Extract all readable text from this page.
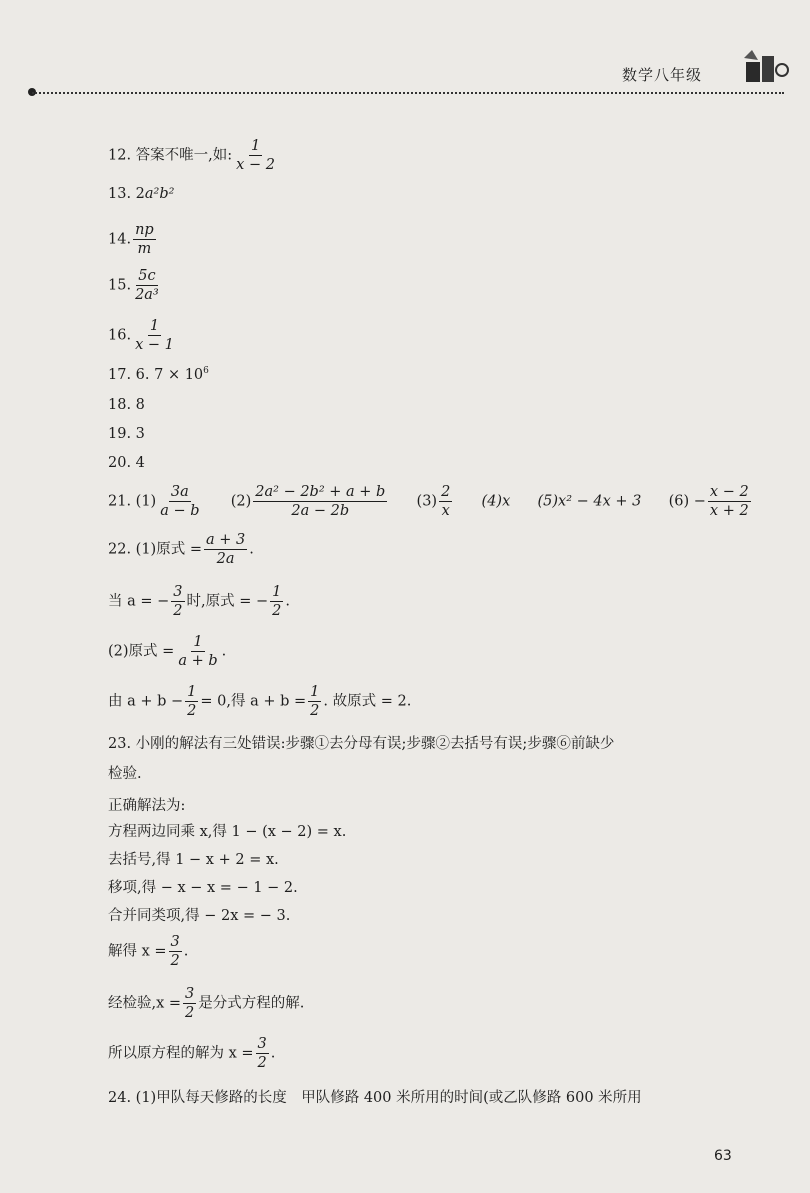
数学八年级
12. 答案不唯一,如: $\frac{1}{x - 2}$
13. 2a²b²
14. $\frac{np}{m}$
15. $\frac{5c}{\text{2a³}}$
16. $\frac{1}{x - 1}$
17. 6. $7 \times 10^6$
18. 8
19. 3
20. 4
21. $(1) \frac{3a}{a - b} (2) \frac{\text{2a² − 2b² + a + b}}{2a - 2b} (3) \frac{2}{x} (4)x$ (5)x² − 4x + 3 $(6) - \frac{x - 2}{x + 2}$
22. (1)原式 = $\frac{a + 3}{2a}$ .
当 a = − $\frac{3}{2}$ 时,原式 = − $\frac{1}{2}$ .
(2)原式 = $\frac{1}{a + b}$ .
由 $a + b - \frac{1}{2} = 0$,得 $a + b = \frac{1}{2}$ . 故原式 = 2.
23. 小刚的解法有三处错误:步骤①去分母有误;步骤②去括号有误;步骤⑥前缺少
检验.
正确解法为:
方程两边同乘 x,得 1 − (x − 2) = x.
去括号,得 1 − x + 2 = x.
移项,得 − x − x = − 1 − 2.
合并同类项,得 − 2x = − 3.
解得 $x = \frac{3}{2}$ .
经检验$,x = \frac{3}{2}$ 是分式方程的解.
所以原方程的解为 $x = \frac{3}{2}$ .
24. (1)甲队每天修路的长度　甲队修路 400 米所用的时间(或乙队修路 600 米所用
63
